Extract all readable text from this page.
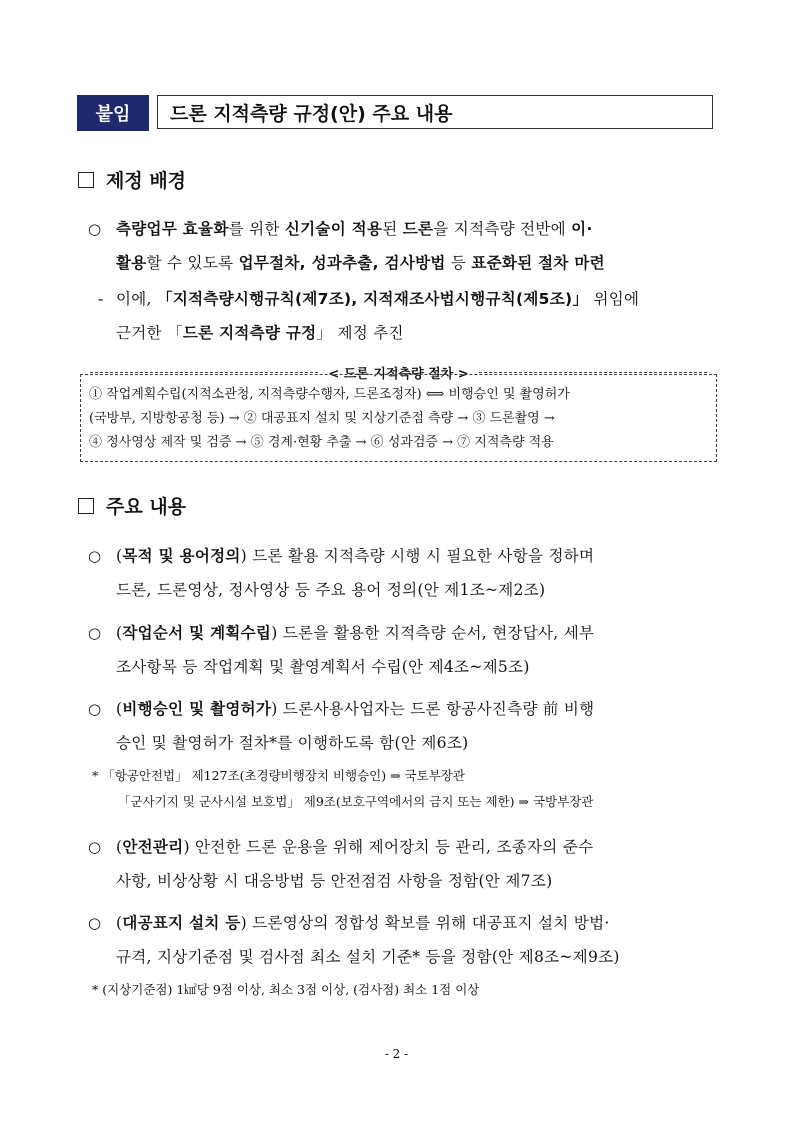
붙임	드론 지적측량 규정(안) 주요 내용
제정 배경
○ 측량업무 효율화를 위한 신기술이 적용된 드론을 지적측량 전반에 이·
활용할 수 있도록 업무절차, 성과추출, 검사방법 등 표준화된 절차 마련
- 이에, 「지적측량시행규칙(제7조), 지적재조사법시행규칙(제5조)」 위임에
근거한 「드론 지적측량 규정」 제정 추진
< 드론 지적측량 절차 >
① 작업계획수립(지적소관청, 지적측량수행자, 드론조정자) ⟺ 비행승인 및 촬영허가
(국방부, 지방항공청 등) → ② 대공표지 설치 및 지상기준점 측량 → ③ 드론촬영 →
④ 정사영상 제작 및 검증 → ⑤ 경계·현황 추출 → ⑥ 성과검증 → ⑦ 지적측량 적용
주요 내용
○ (목적 및 용어정의) 드론 활용 지적측량 시행 시 필요한 사항을 정하며
드론, 드론영상, 정사영상 등 주요 용어 정의(안 제1조~제2조)
○ (작업순서 및 계획수립) 드론을 활용한 지적측량 순서, 현장답사, 세부
조사항목 등 작업계획 및 촬영계획서 수립(안 제4조~제5조)
○ (비행승인 및 촬영허가) 드론사용사업자는 드론 항공사진측량 前 비행
승인 및 촬영허가 절차*를 이행하도록 함(안 제6조)
* 「항공안전법」 제127조(초경량비행장치 비행승인) ⇒ 국토부장관
「군사기지 및 군사시설 보호법」 제9조(보호구역에서의 금지 또는 제한) ⇒ 국방부장관
○ (안전관리) 안전한 드론 운용을 위해 제어장치 등 관리, 조종자의 준수
사항, 비상상황 시 대응방법 등 안전점검 사항을 정함(안 제7조)
○ (대공표지 설치 등) 드론영상의 정합성 확보를 위해 대공표지 설치 방법·
규격, 지상기준점 및 검사점 최소 설치 기준* 등을 정함(안 제8조~제9조)
* (지상기준점) 1㎢당 9점 이상, 최소 3점 이상, (검사점) 최소 1점 이상
- 2 -
